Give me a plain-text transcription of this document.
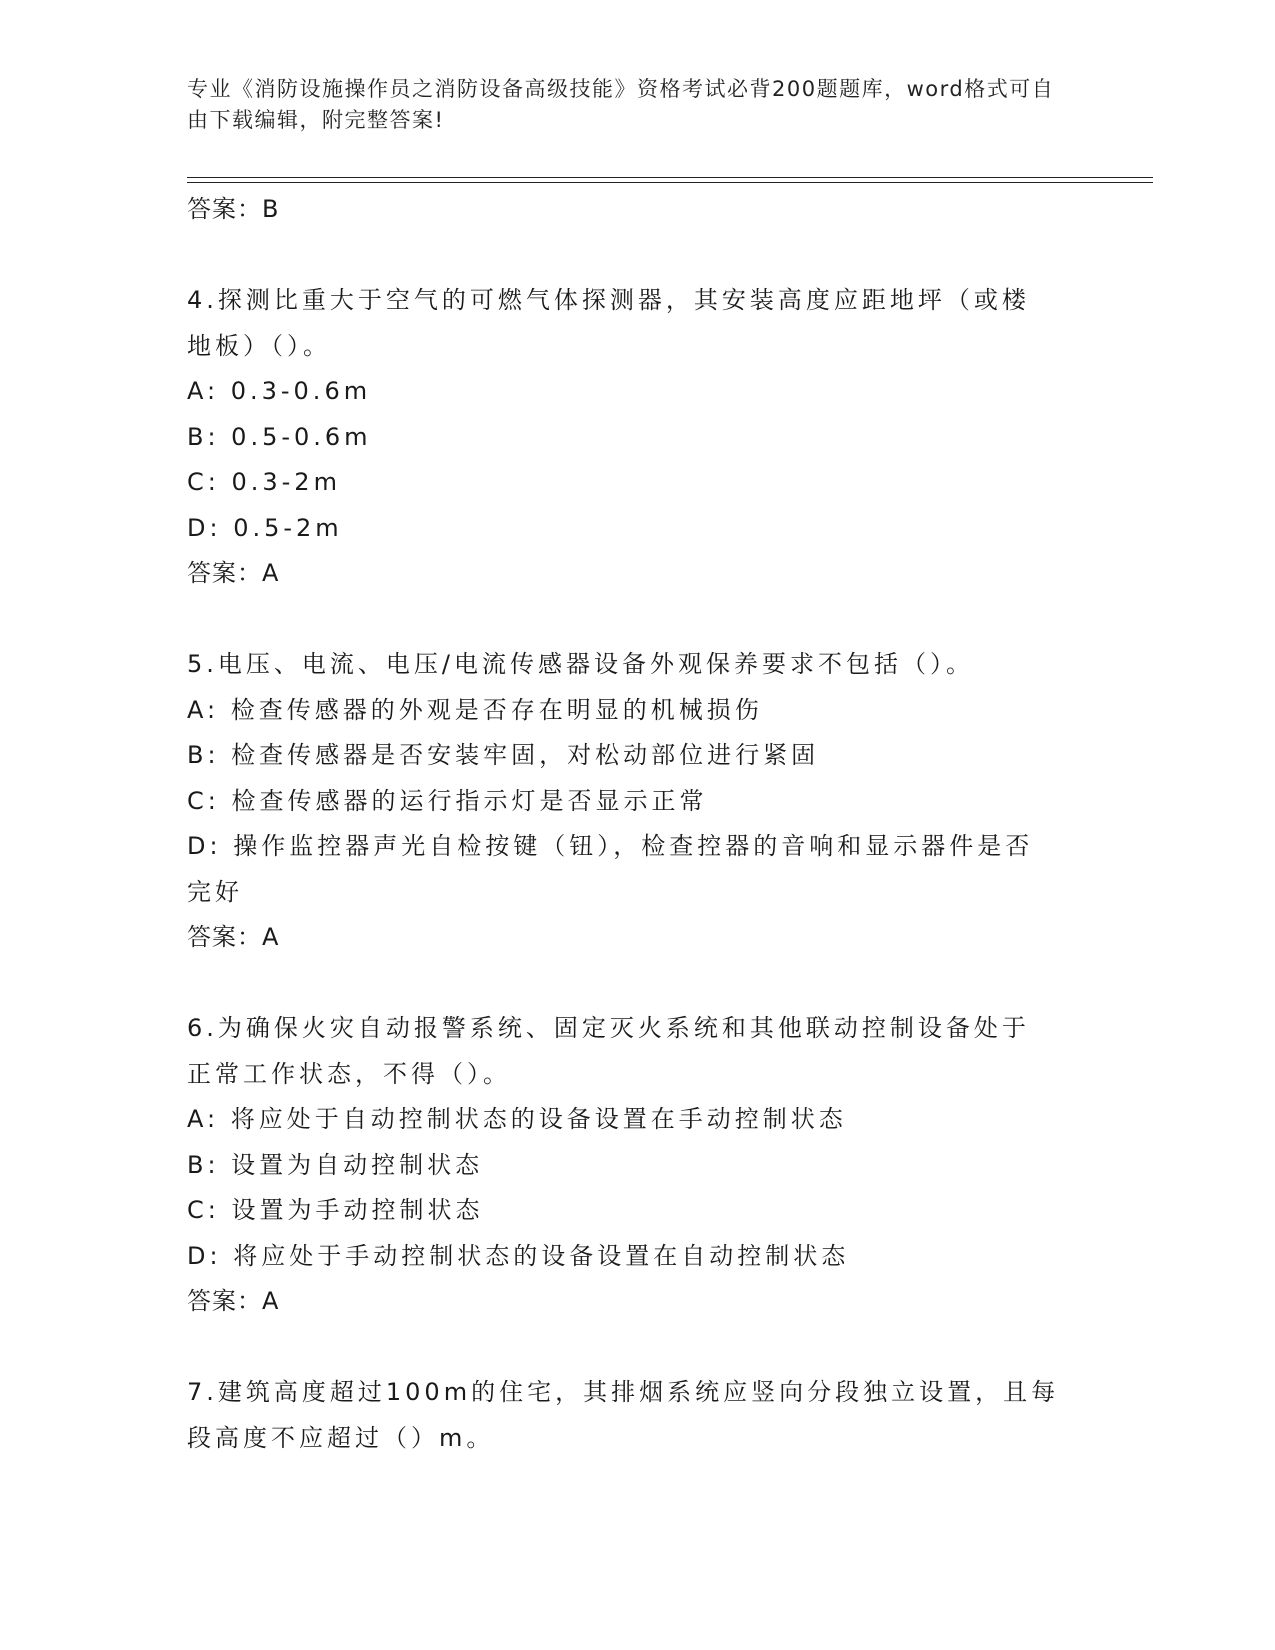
专业《消防设施操作员之消防设备高级技能》资格考试必背200题题库，word格式可自由下载编辑，附完整答案!
答案：B
4.探测比重大于空气的可燃气体探测器，其安装高度应距地坪（或楼
地板）（）。
A: 0.3-0.6m
B: 0.5-0.6m
C: 0.3-2m
D: 0.5-2m
答案：A
5.电压、电流、电压/电流传感器设备外观保养要求不包括（）。
A: 检查传感器的外观是否存在明显的机械损伤
B: 检查传感器是否安装牢固，对松动部位进行紧固
C: 检查传感器的运行指示灯是否显示正常
D: 操作监控器声光自检按键（钮），检查控器的音响和显示器件是否
完好
答案：A
6.为确保火灾自动报警系统、固定灭火系统和其他联动控制设备处于
正常工作状态，不得（）。
A: 将应处于自动控制状态的设备设置在手动控制状态
B: 设置为自动控制状态
C: 设置为手动控制状态
D: 将应处于手动控制状态的设备设置在自动控制状态
答案：A
7.建筑高度超过100m的住宅，其排烟系统应竖向分段独立设置，且每
段高度不应超过（）m。
